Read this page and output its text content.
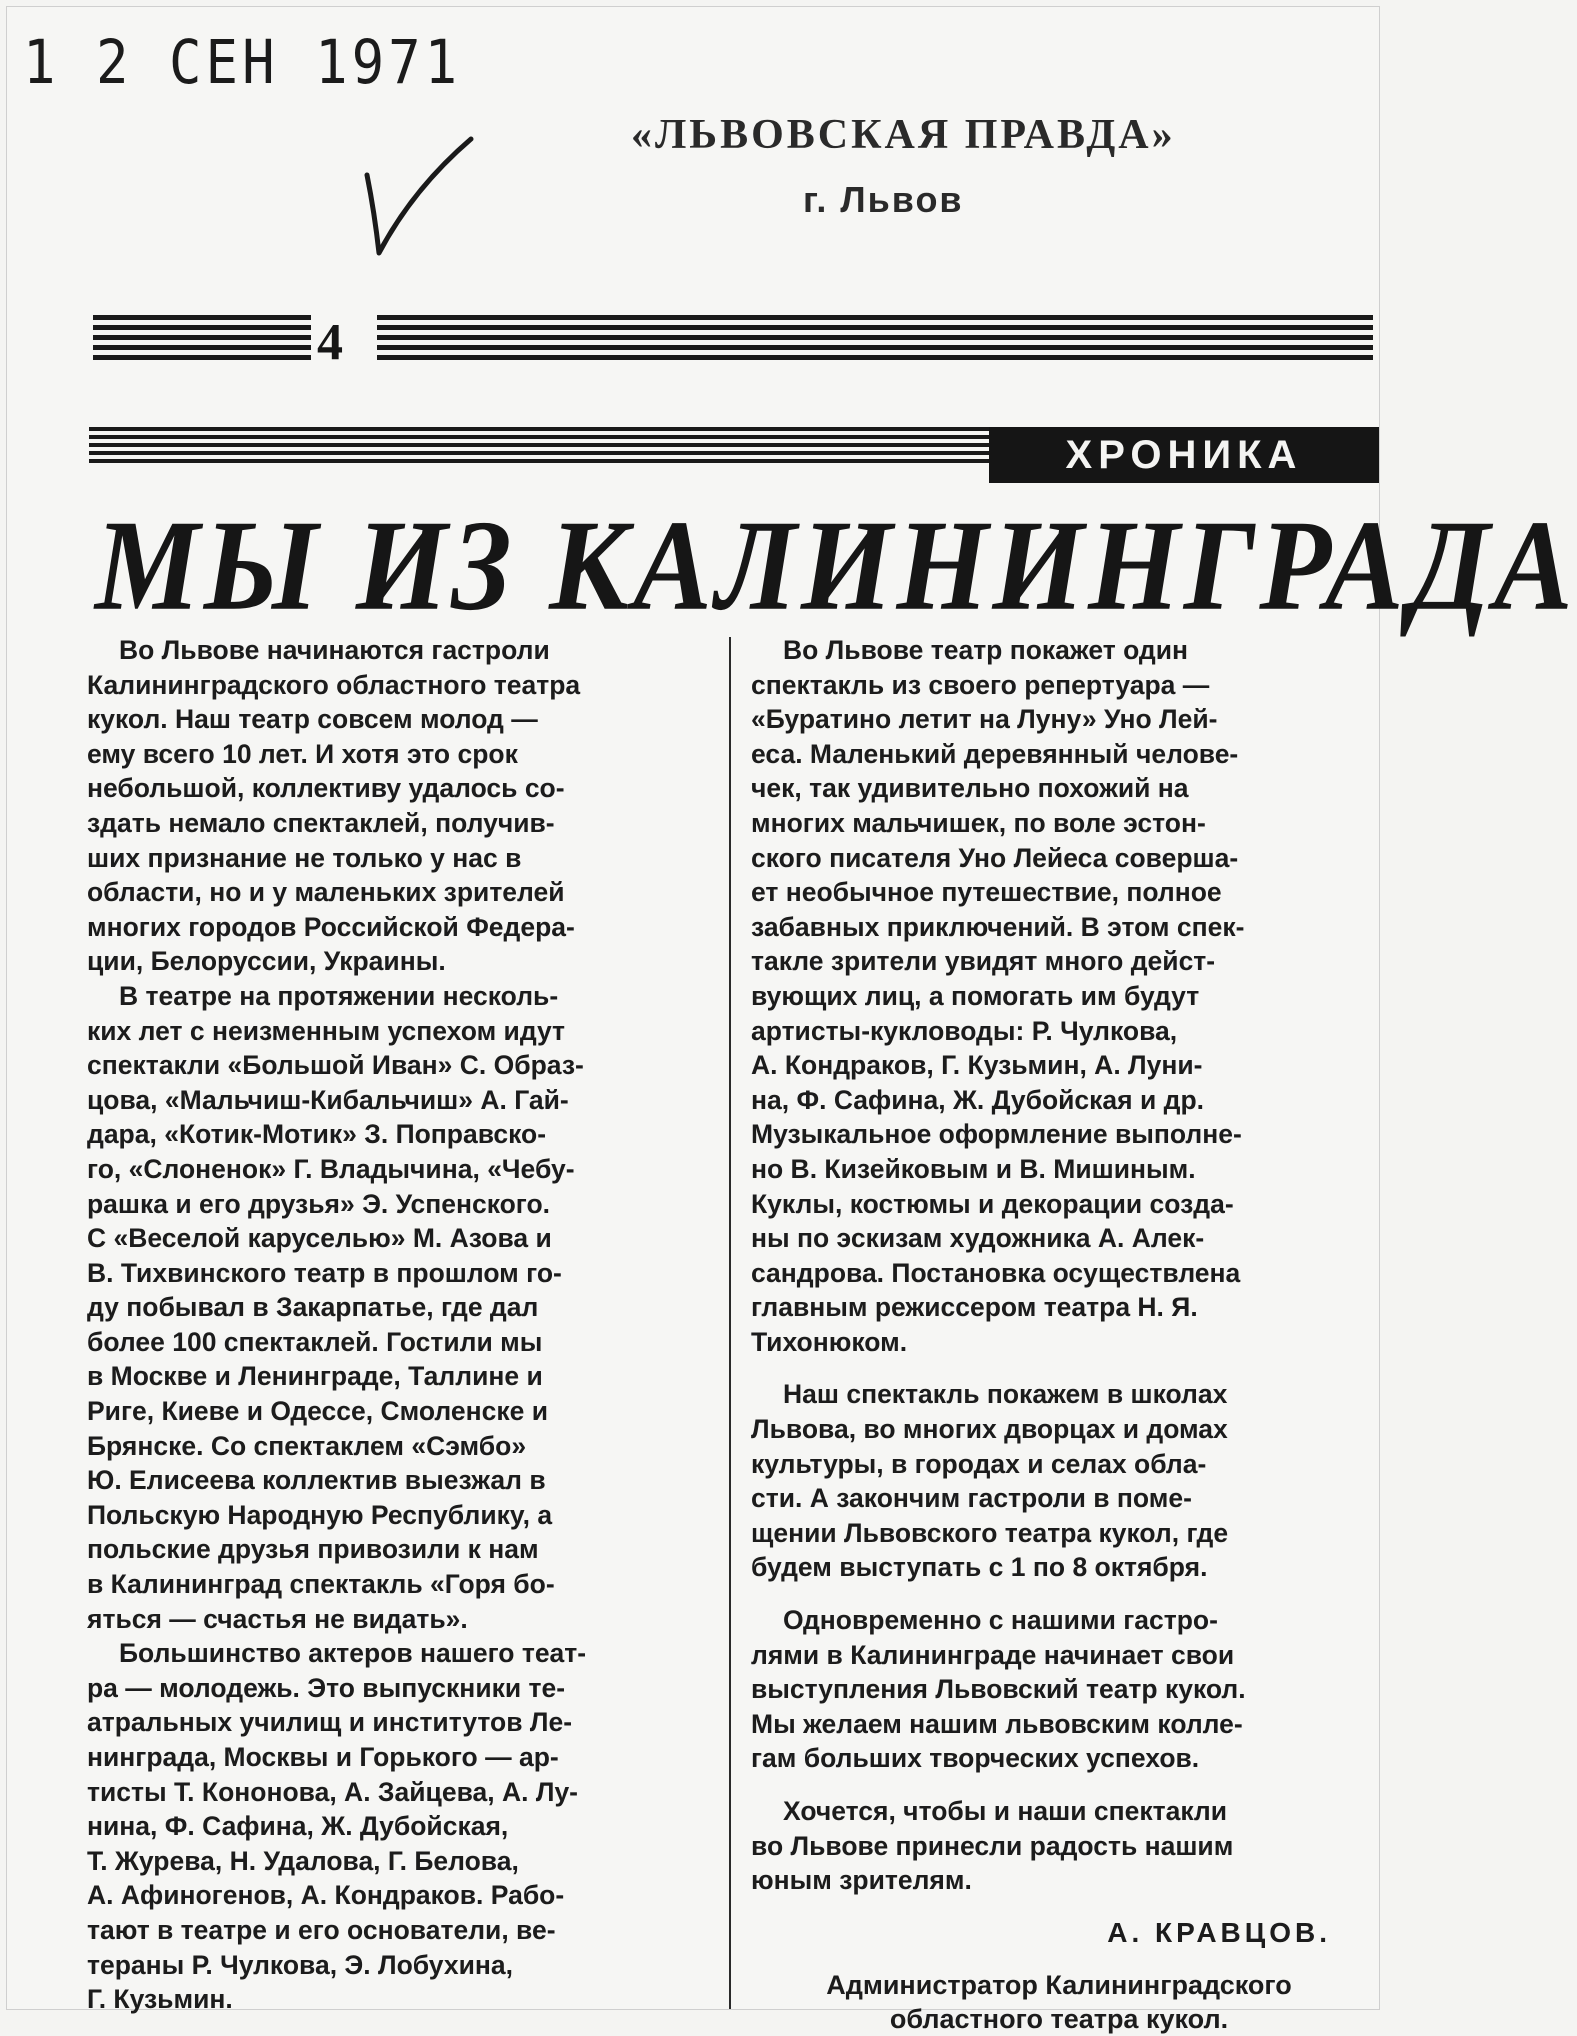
1 2 СЕН 1971
«ЛЬВОВСКАЯ ПРАВДА»
г. Львов
4
ХРОНИКА
МЫ ИЗ КАЛИНИНГРАДА

Во Львове начинаются гастроли
Калининградского областного театра
кукол. Наш театр совсем молод —
ему всего 10 лет. И хотя это срок
небольшой, коллективу удалось со-
здать немало спектаклей, получив-
ших признание не только у нас в
области, но и у маленьких зрителей
многих городов Российской Федера-
ции, Белоруссии, Украины.

В театре на протяжении несколь-
ких лет с неизменным успехом идут
спектакли «Большой Иван» С. Образ-
цова, «Мальчиш-Кибальчиш» А. Гай-
дара, «Котик-Мотик» З. Поправско-
го, «Слоненок» Г. Владычина, «Чебу-
рашка и его друзья» Э. Успенского.
С «Веселой каруселью» М. Азова и
В. Тихвинского театр в прошлом го-
ду побывал в Закарпатье, где дал
более 100 спектаклей. Гостили мы
в Москве и Ленинграде, Таллине и
Риге, Киеве и Одессе, Смоленске и
Брянске. Со спектаклем «Сэмбо»
Ю. Елисеева коллектив выезжал в
Польскую Народную Республику, а
польские друзья привозили к нам
в Калининград спектакль «Горя бо-
яться — счастья не видать».

Большинство актеров нашего теат-
ра — молодежь. Это выпускники те-
атральных училищ и институтов Ле-
нинграда, Москвы и Горького — ар-
тисты Т. Кононова, А. Зайцева, А. Лу-
нина, Ф. Сафина, Ж. Дубойская,
Т. Журева, Н. Удалова, Г. Белова,
А. Афиногенов, А. Кондраков. Рабо-
тают в театре и его основатели, ве-
тераны Р. Чулкова, Э. Лобухина,
Г. Кузьмин.

Во Львове театр покажет один
спектакль из своего репертуара —
«Буратино летит на Луну» Уно Лей-
еса. Маленький деревянный челове-
чек, так удивительно похожий на
многих мальчишек, по воле эстон-
ского писателя Уно Лейеса соверша-
ет необычное путешествие, полное
забавных приключений. В этом спек-
такле зрители увидят много дейст-
вующих лиц, а помогать им будут
артисты-кукловоды: Р. Чулкова,
А. Кондраков, Г. Кузьмин, А. Луни-
на, Ф. Сафина, Ж. Дубойская и др.
Музыкальное оформление выполне-
но В. Кизейковым и В. Мишиным.
Куклы, костюмы и декорации созда-
ны по эскизам художника А. Алек-
сандрова. Постановка осуществлена
главным режиссером театра Н. Я.
Тихонюком.

Наш спектакль покажем в школах
Львова, во многих дворцах и домах
культуры, в городах и селах обла-
сти. А закончим гастроли в поме-
щении Львовского театра кукол, где
будем выступать с 1 по 8 октября.

Одновременно с нашими гастро-
лями в Калининграде начинает свои
выступления Львовский театр кукол.
Мы желаем нашим львовским колле-
гам больших творческих успехов.

Хочется, чтобы и наши спектакли
во Львове принесли радость нашим
юным зрителям.

А. КРАВЦОВ.
Администратор Калининградского
областного театра кукол.
